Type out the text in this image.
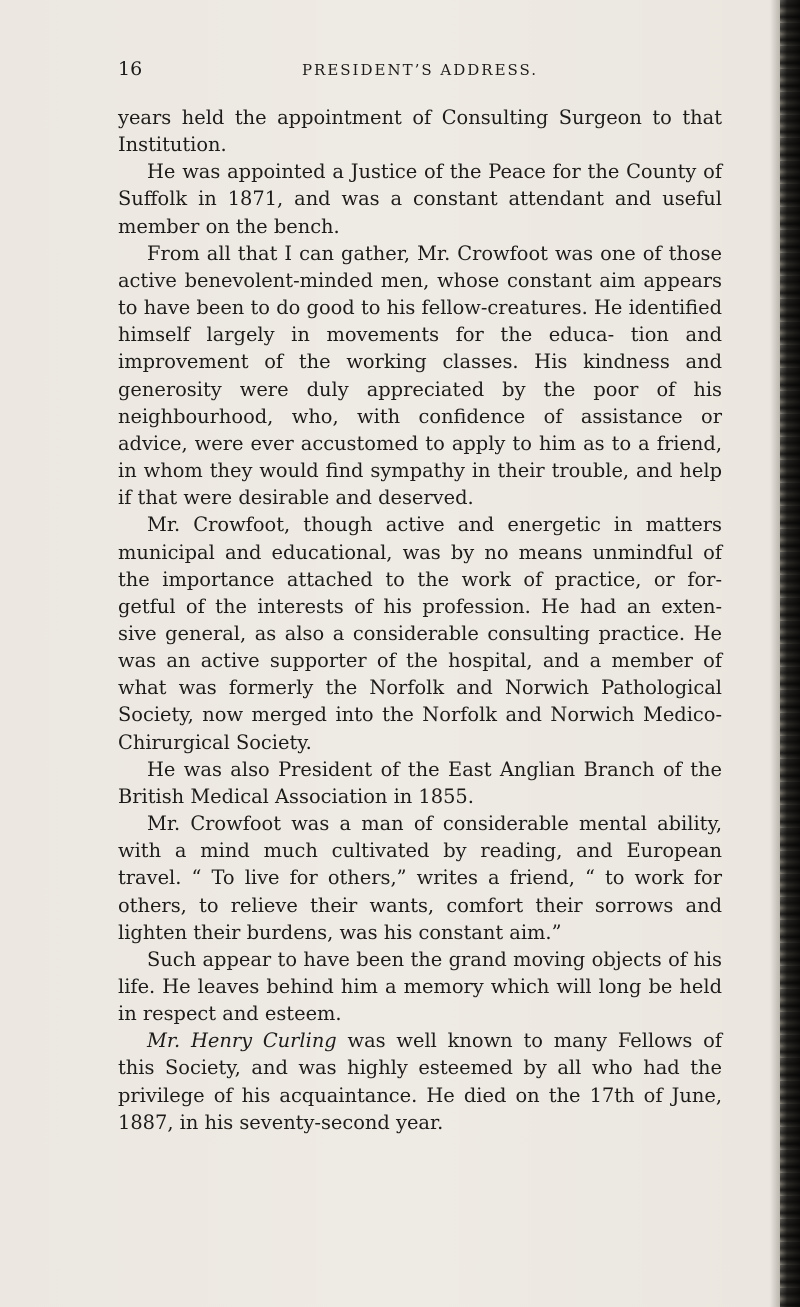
16	PRESIDENT’S ADDRESS.

years held the appointment of Consulting Surgeon to that Institution.

He was appointed a Justice of the Peace for the County of Suffolk in 1871, and was a constant attendant and useful member on the bench.

From all that I can gather, Mr. Crowfoot was one of those active benevolent-minded men, whose constant aim appears to have been to do good to his fellow-creatures. He identified himself largely in movements for the educa- tion and improvement of the working classes. His kindness and generosity were duly appreciated by the poor of his neighbourhood, who, with confidence of assistance or advice, were ever accustomed to apply to him as to a friend, in whom they would find sympathy in their trouble, and help if that were desirable and deserved.

Mr. Crowfoot, though active and energetic in matters municipal and educational, was by no means unmindful of the importance attached to the work of practice, or for- getful of the interests of his profession. He had an exten- sive general, as also a considerable consulting practice. He was an active supporter of the hospital, and a member of what was formerly the Norfolk and Norwich Pathological Society, now merged into the Norfolk and Norwich Medico-Chirurgical Society.

He was also President of the East Anglian Branch of the British Medical Association in 1855.

Mr. Crowfoot was a man of considerable mental ability, with a mind much cultivated by reading, and European travel. “ To live for others,” writes a friend, “ to work for others, to relieve their wants, comfort their sorrows and lighten their burdens, was his constant aim.”

Such appear to have been the grand moving objects of his life. He leaves behind him a memory which will long be held in respect and esteem.

Mr. Henry Curling was well known to many Fellows of this Society, and was highly esteemed by all who had the privilege of his acquaintance. He died on the 17th of June, 1887, in his seventy-second year.
